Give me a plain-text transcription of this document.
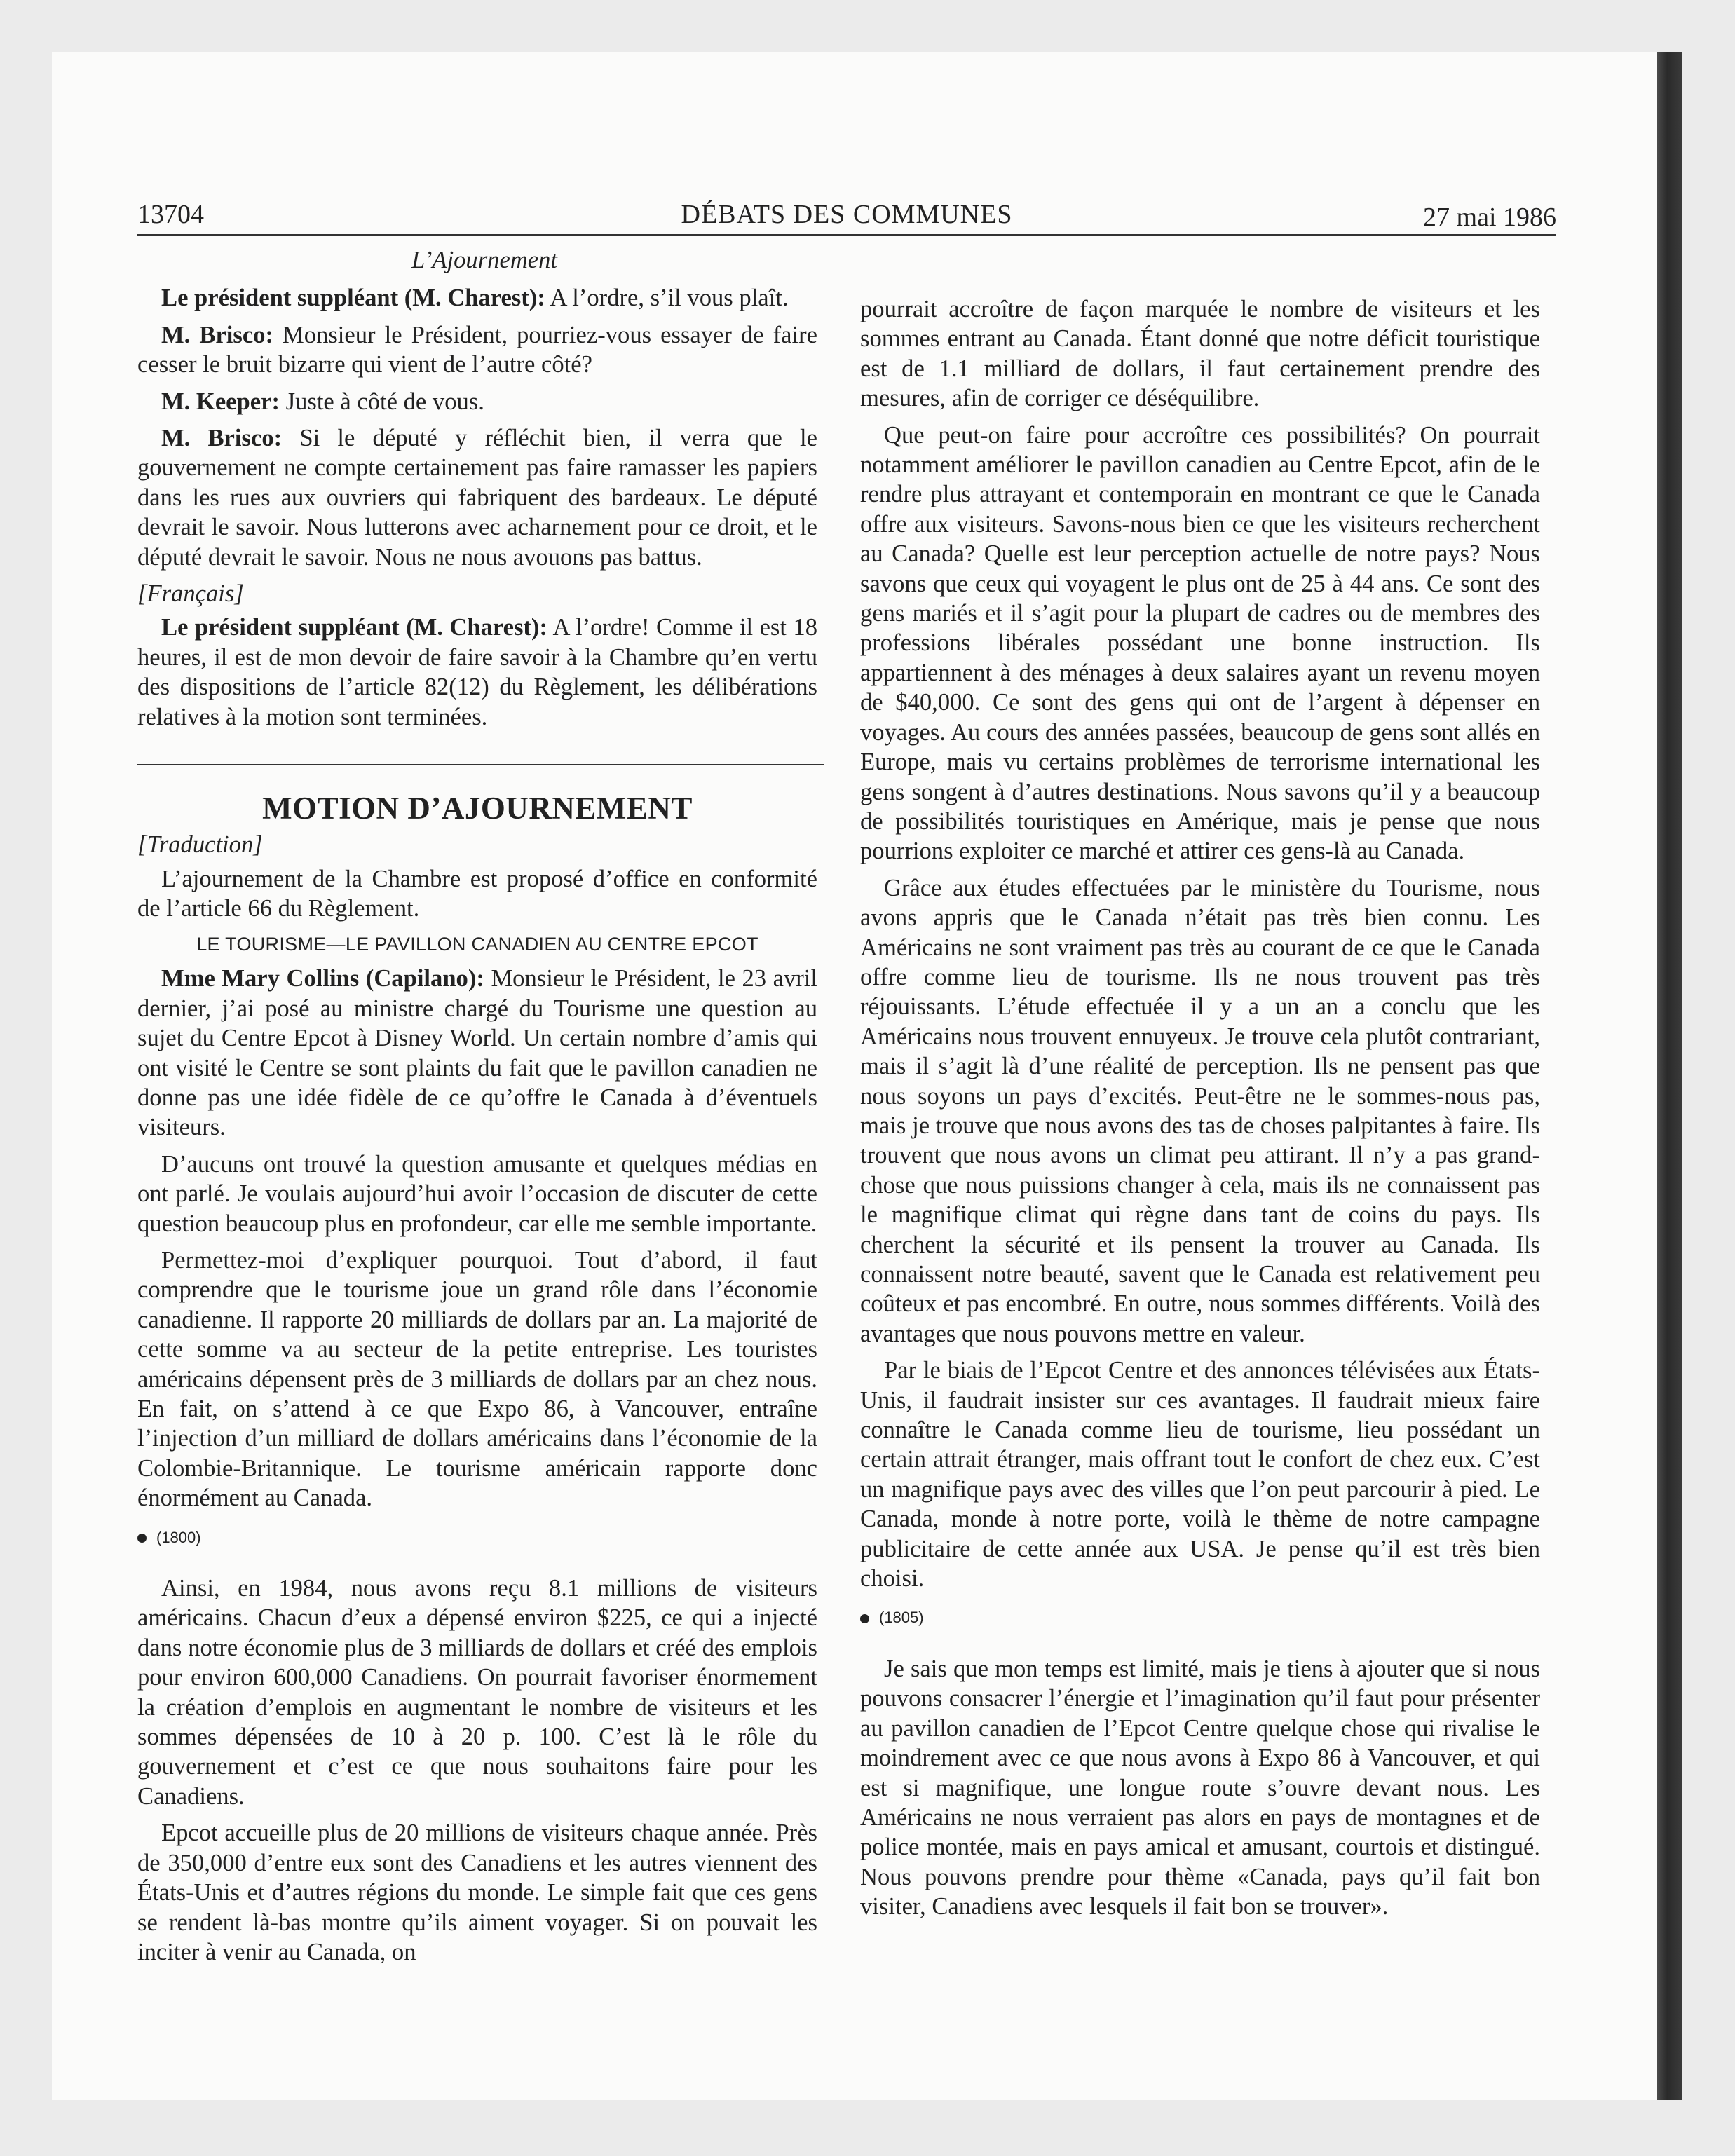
13704	DÉBATS DES COMMUNES	27 mai 1986
L’Ajournement

Le président suppléant (M. Charest): A l’ordre, s’il vous plaît.

M. Brisco: Monsieur le Président, pourriez-vous essayer de faire cesser le bruit bizarre qui vient de l’autre côté?

M. Keeper: Juste à côté de vous.

M. Brisco: Si le député y réfléchit bien, il verra que le gouvernement ne compte certainement pas faire ramasser les papiers dans les rues aux ouvriers qui fabriquent des bardeaux. Le député devrait le savoir. Nous lutterons avec acharnement pour ce droit, et le député devrait le savoir. Nous ne nous avouons pas battus.

[Français]

Le président suppléant (M. Charest): A l’ordre! Comme il est 18 heures, il est de mon devoir de faire savoir à la Chambre qu’en vertu des dispositions de l’article 82(12) du Règlement, les délibérations relatives à la motion sont terminées.

MOTION D’AJOURNEMENT
[Traduction]

L’ajournement de la Chambre est proposé d’office en conformité de l’article 66 du Règlement.

LE TOURISME—LE PAVILLON CANADIEN AU CENTRE EPCOT

Mme Mary Collins (Capilano): Monsieur le Président, le 23 avril dernier, j’ai posé au ministre chargé du Tourisme une question au sujet du Centre Epcot à Disney World. Un certain nombre d’amis qui ont visité le Centre se sont plaints du fait que le pavillon canadien ne donne pas une idée fidèle de ce qu’offre le Canada à d’éventuels visiteurs.

D’aucuns ont trouvé la question amusante et quelques médias en ont parlé. Je voulais aujourd’hui avoir l’occasion de discuter de cette question beaucoup plus en profondeur, car elle me semble importante.

Permettez-moi d’expliquer pourquoi. Tout d’abord, il faut comprendre que le tourisme joue un grand rôle dans l’économie canadienne. Il rapporte 20 milliards de dollars par an. La majorité de cette somme va au secteur de la petite entreprise. Les touristes américains dépensent près de 3 milliards de dollars par an chez nous. En fait, on s’attend à ce que Expo 86, à Vancouver, entraîne l’injection d’un milliard de dollars américains dans l’économie de la Colombie-Britannique. Le tourisme américain rapporte donc énormément au Canada.

(1800)

Ainsi, en 1984, nous avons reçu 8.1 millions de visiteurs américains. Chacun d’eux a dépensé environ $225, ce qui a injecté dans notre économie plus de 3 milliards de dollars et créé des emplois pour environ 600,000 Canadiens. On pourrait favoriser énormement la création d’emplois en augmentant le nombre de visiteurs et les sommes dépensées de 10 à 20 p. 100. C’est là le rôle du gouvernement et c’est ce que nous souhaitons faire pour les Canadiens.

Epcot accueille plus de 20 millions de visiteurs chaque année. Près de 350,000 d’entre eux sont des Canadiens et les autres viennent des États-Unis et d’autres régions du monde. Le simple fait que ces gens se rendent là-bas montre qu’ils aiment voyager. Si on pouvait les inciter à venir au Canada, on

pourrait accroître de façon marquée le nombre de visiteurs et les sommes entrant au Canada. Étant donné que notre déficit touristique est de 1.1 milliard de dollars, il faut certainement prendre des mesures, afin de corriger ce déséquilibre.

Que peut-on faire pour accroître ces possibilités? On pourrait notamment améliorer le pavillon canadien au Centre Epcot, afin de le rendre plus attrayant et contemporain en montrant ce que le Canada offre aux visiteurs. Savons-nous bien ce que les visiteurs recherchent au Canada? Quelle est leur perception actuelle de notre pays? Nous savons que ceux qui voyagent le plus ont de 25 à 44 ans. Ce sont des gens mariés et il s’agit pour la plupart de cadres ou de membres des professions libérales possédant une bonne instruction. Ils appartiennent à des ménages à deux salaires ayant un revenu moyen de $40,000. Ce sont des gens qui ont de l’argent à dépenser en voyages. Au cours des années passées, beaucoup de gens sont allés en Europe, mais vu certains problèmes de terrorisme international les gens songent à d’autres destinations. Nous savons qu’il y a beaucoup de possibilités touristiques en Amérique, mais je pense que nous pourrions exploiter ce marché et attirer ces gens-là au Canada.

Grâce aux études effectuées par le ministère du Tourisme, nous avons appris que le Canada n’était pas très bien connu. Les Américains ne sont vraiment pas très au courant de ce que le Canada offre comme lieu de tourisme. Ils ne nous trouvent pas très réjouissants. L’étude effectuée il y a un an a conclu que les Américains nous trouvent ennuyeux. Je trouve cela plutôt contrariant, mais il s’agit là d’une réalité de perception. Ils ne pensent pas que nous soyons un pays d’excités. Peut-être ne le sommes-nous pas, mais je trouve que nous avons des tas de choses palpitantes à faire. Ils trouvent que nous avons un climat peu attirant. Il n’y a pas grand-chose que nous puissions changer à cela, mais ils ne connaissent pas le magnifique climat qui règne dans tant de coins du pays. Ils cherchent la sécurité et ils pensent la trouver au Canada. Ils connaissent notre beauté, savent que le Canada est relativement peu coûteux et pas encombré. En outre, nous sommes différents. Voilà des avantages que nous pouvons mettre en valeur.

Par le biais de l’Epcot Centre et des annonces télévisées aux États-Unis, il faudrait insister sur ces avantages. Il faudrait mieux faire connaître le Canada comme lieu de tourisme, lieu possédant un certain attrait étranger, mais offrant tout le confort de chez eux. C’est un magnifique pays avec des villes que l’on peut parcourir à pied. Le Canada, monde à notre porte, voilà le thème de notre campagne publicitaire de cette année aux USA. Je pense qu’il est très bien choisi.

(1805)

Je sais que mon temps est limité, mais je tiens à ajouter que si nous pouvons consacrer l’énergie et l’imagination qu’il faut pour présenter au pavillon canadien de l’Epcot Centre quelque chose qui rivalise le moindrement avec ce que nous avons à Expo 86 à Vancouver, et qui est si magnifique, une longue route s’ouvre devant nous. Les Américains ne nous verraient pas alors en pays de montagnes et de police montée, mais en pays amical et amusant, courtois et distingué. Nous pouvons prendre pour thème «Canada, pays qu’il fait bon visiter, Canadiens avec lesquels il fait bon se trouver».
